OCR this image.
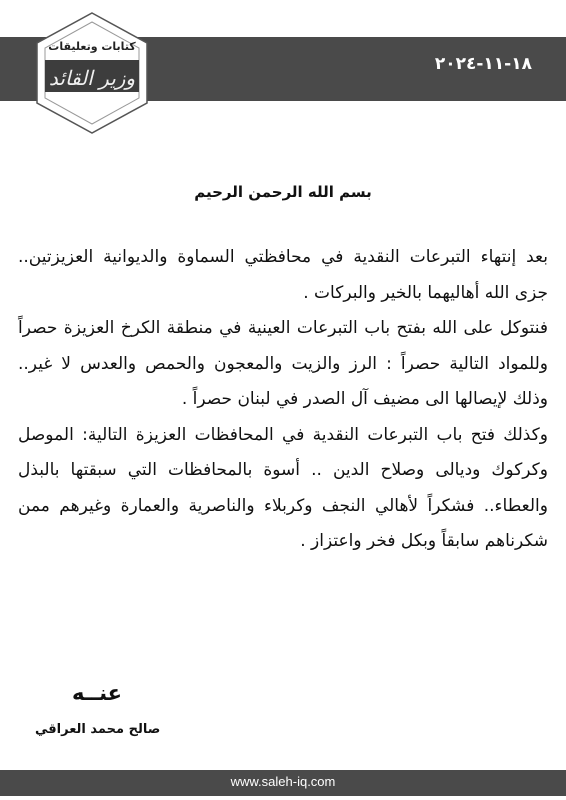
١٨-١١-٢٠٢٤
كتابات وتعليقات
وزير القائد
بسم الله الرحمن الرحيم

بعد إنتهاء التبرعات النقدية في محافظتي السماوة والديوانية العزيزتين.. جزى الله أهاليهما بالخير والبركات .

فنتوكل على الله بفتح باب التبرعات العينية في منطقة الكرخ العزيزة حصراً وللمواد التالية حصراً : الرز والزيت والمعجون والحمص والعدس لا غير.. وذلك لإيصالها الى مضيف آل الصدر في لبنان حصراً .

وكذلك فتح باب التبرعات النقدية في المحافظات العزيزة التالية: الموصل وكركوك وديالى وصلاح الدين .. أسوة بالمحافظات التي سبقتها بالبذل والعطاء.. فشكراً لأهالي النجف وكربلاء والناصرية والعمارة وغيرهم ممن شكرناهم سابقاً وبكل فخر واعتزاز .

عنــه
صالح محمد العراقي
www.saleh-iq.com
